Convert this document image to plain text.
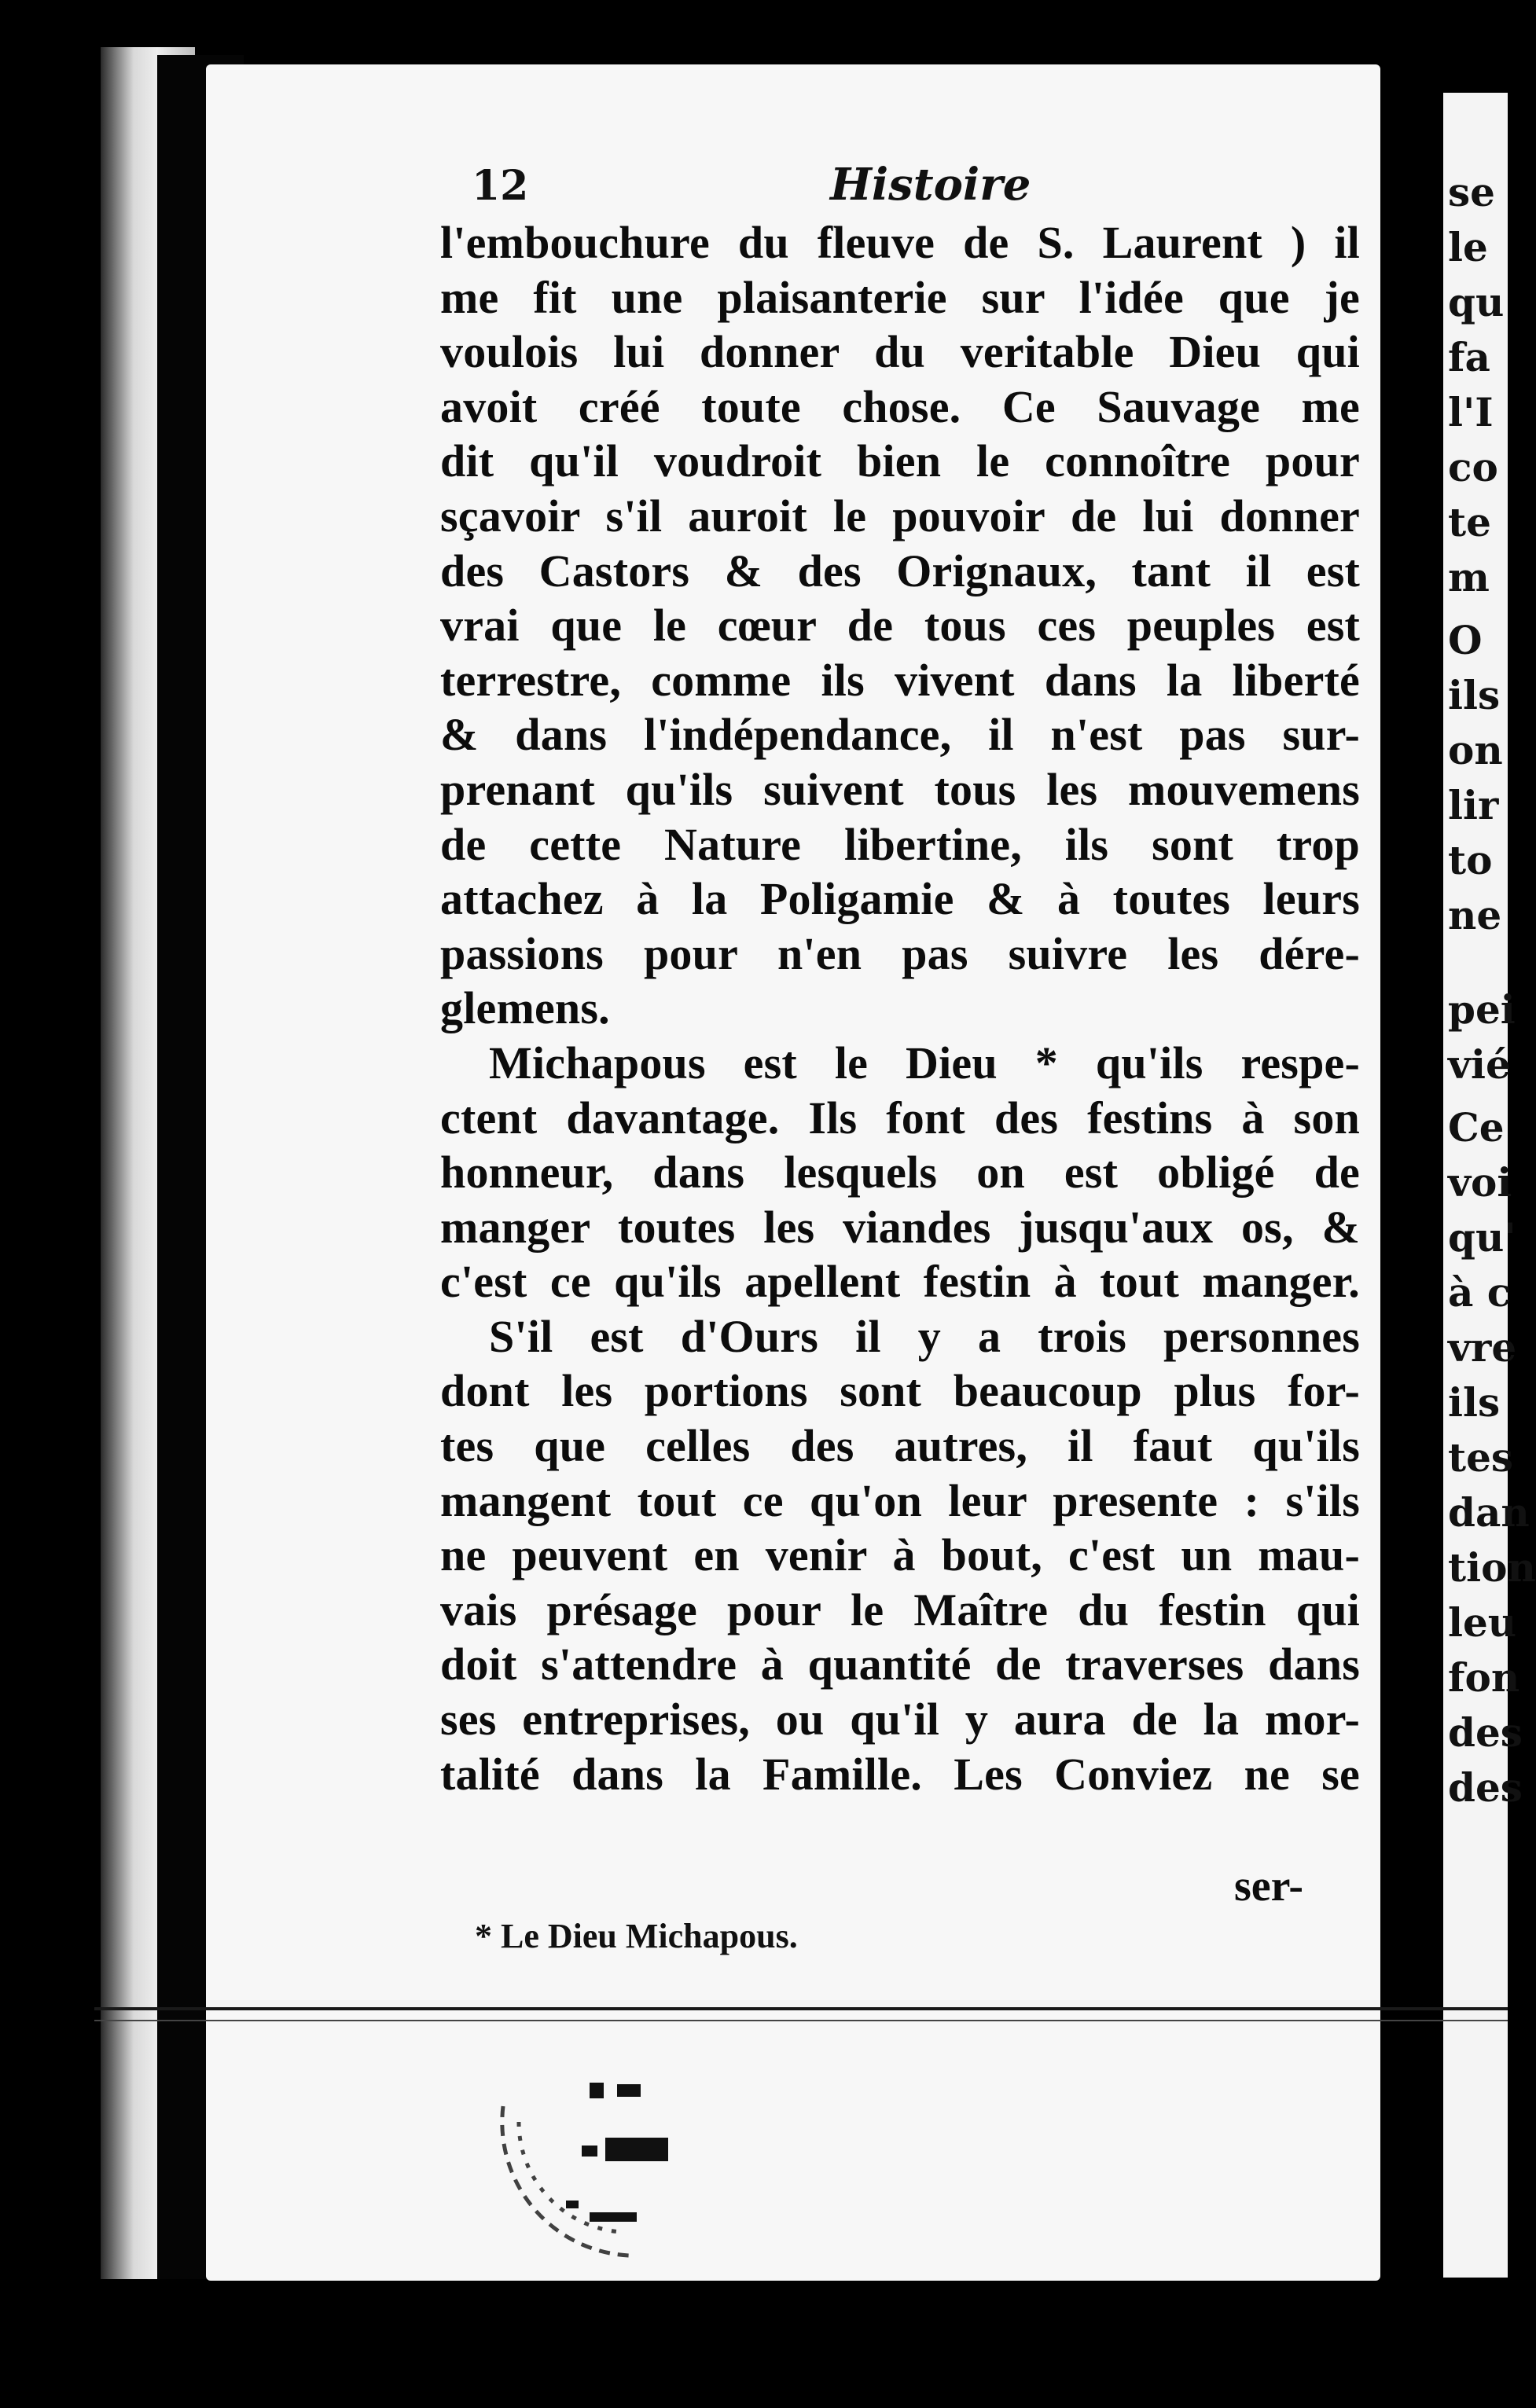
se
le
qu
fa
l'I
co
te
m
O
ils
on
lir
to
ne
pei
vié
Ce
voi
qu'
à c
vre
ils
tes
dan
tion
leu
fon
des
des
12	Histoire
l'embouchure du fleuve de S. Laurent ) il
me fit une plaisanterie sur l'idée que je
voulois lui donner du veritable Dieu qui
avoit créé toute chose. Ce Sauvage me
dit qu'il voudroit bien le connoître pour
sçavoir s'il auroit le pouvoir de lui donner
des Castors & des Orignaux, tant il est
vrai que le cœur de tous ces peuples est
terrestre, comme ils vivent dans la liberté
& dans l'indépendance, il n'est pas sur-
prenant qu'ils suivent tous les mouvemens
de cette Nature libertine, ils sont trop
attachez à la Poligamie & à toutes leurs
passions pour n'en pas suivre les dére-
glemens.
Michapous est le Dieu * qu'ils respe-
ctent davantage. Ils font des festins à son
honneur, dans lesquels on est obligé de
manger toutes les viandes jusqu'aux os, &
c'est ce qu'ils apellent festin à tout manger.
S'il est d'Ours il y a trois personnes
dont les portions sont beaucoup plus for-
tes que celles des autres, il faut qu'ils
mangent tout ce qu'on leur presente : s'ils
ne peuvent en venir à bout, c'est un mau-
vais présage pour le Maître du festin qui
doit s'attendre à quantité de traverses dans
ses entreprises, ou qu'il y aura de la mor-
talité dans la Famille. Les Conviez ne se
ser-
* Le Dieu Michapous.
